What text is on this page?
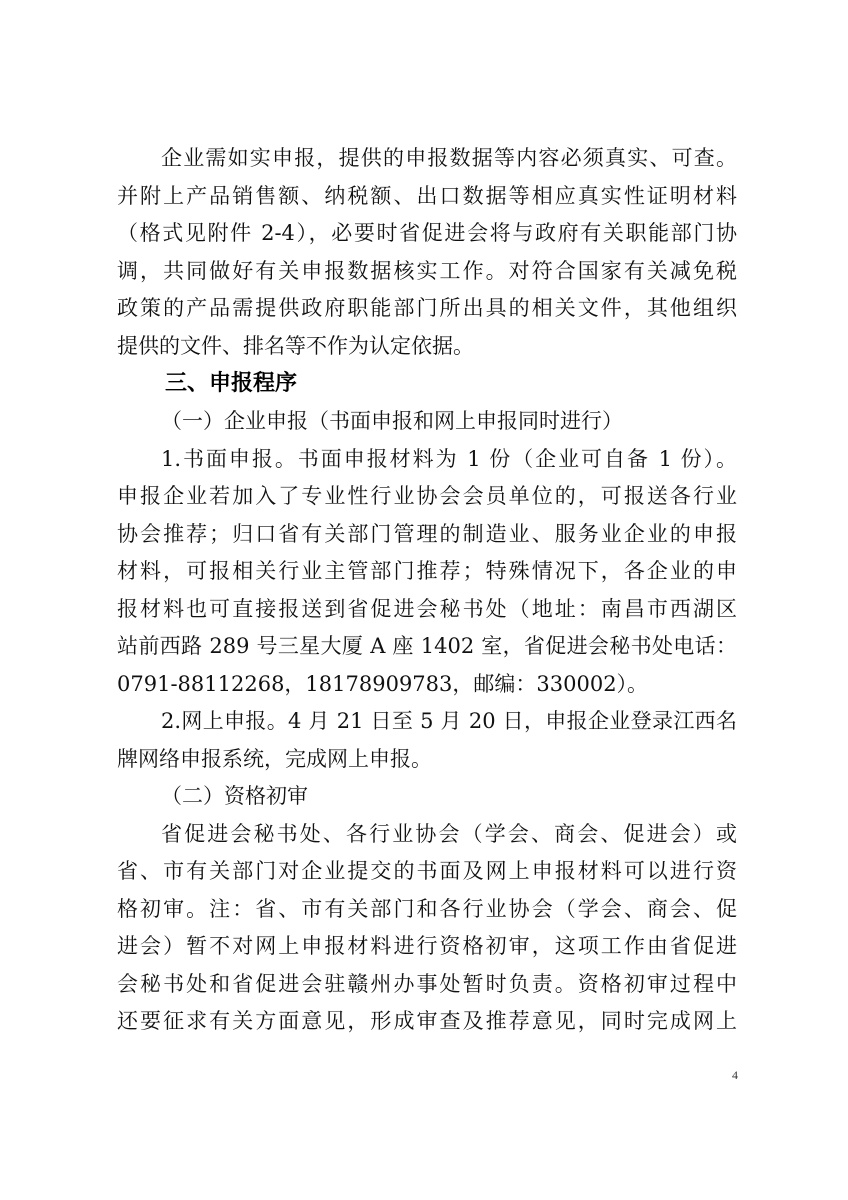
企业需如实申报，提供的申报数据等内容必须真实、可查。
并附上产品销售额、纳税额、出口数据等相应真实性证明材料
（格式见附件 2-4），必要时省促进会将与政府有关职能部门协
调，共同做好有关申报数据核实工作。对符合国家有关减免税
政策的产品需提供政府职能部门所出具的相关文件，其他组织
提供的文件、排名等不作为认定依据。
三、申报程序
（一）企业申报（书面申报和网上申报同时进行）
1.书面申报。书面申报材料为 1 份（企业可自备 1 份）。
申报企业若加入了专业性行业协会会员单位的，可报送各行业
协会推荐；归口省有关部门管理的制造业、服务业企业的申报
材料，可报相关行业主管部门推荐；特殊情况下，各企业的申
报材料也可直接报送到省促进会秘书处（地址：南昌市西湖区
站前西路 289 号三星大厦 A 座 1402 室，省促进会秘书处电话：
0791-88112268，18178909783，邮编：330002）。
2.网上申报。4 月 21 日至 5 月 20 日，申报企业登录江西名
牌网络申报系统，完成网上申报。
（二）资格初审
省促进会秘书处、各行业协会（学会、商会、促进会）或
省、市有关部门对企业提交的书面及网上申报材料可以进行资
格初审。注：省、市有关部门和各行业协会（学会、商会、促
进会）暂不对网上申报材料进行资格初审，这项工作由省促进
会秘书处和省促进会驻赣州办事处暂时负责。资格初审过程中
还要征求有关方面意见，形成审查及推荐意见，同时完成网上
4
